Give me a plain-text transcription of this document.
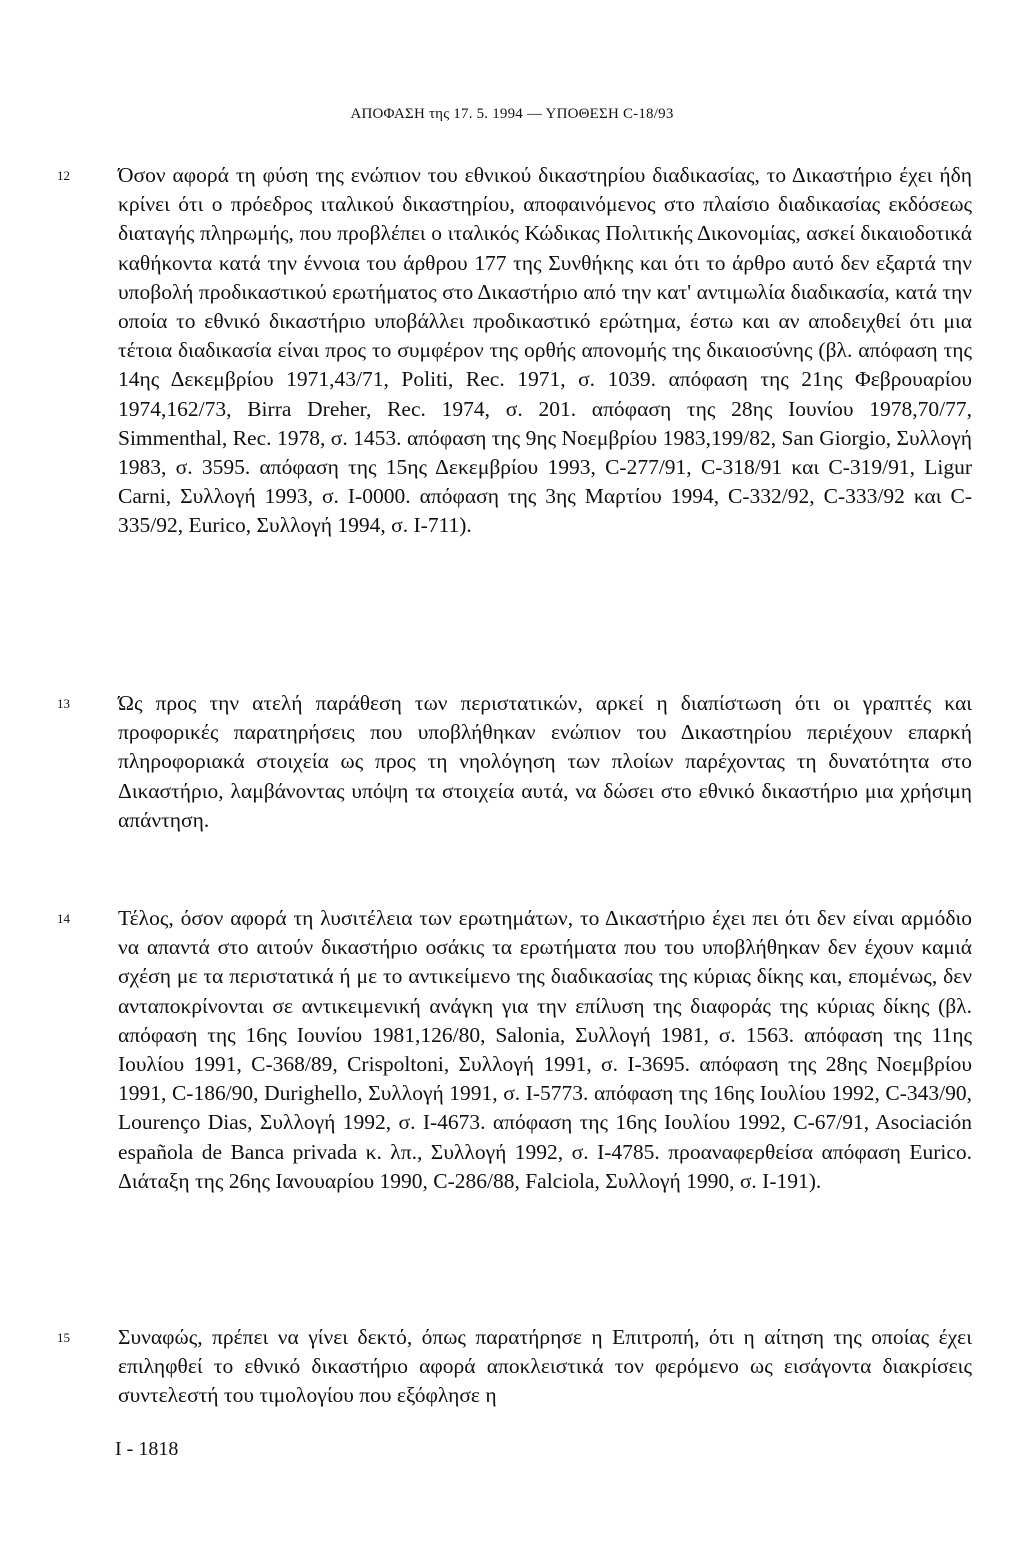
ΑΠΟΦΑΣΗ της 17. 5. 1994 — ΥΠΟΘΕΣΗ C-18/93
12 Όσον αφορά τη φύση της ενώπιον του εθνικού δικαστηρίου διαδικασίας, το Δικαστήριο έχει ήδη κρίνει ότι ο πρόεδρος ιταλικού δικαστηρίου, αποφαινόμενος στο πλαίσιο διαδικασίας εκδόσεως διαταγής πληρωμής, που προβλέπει ο ιταλικός Κώδικας Πολιτικής Δικονομίας, ασκεί δικαιοδοτικά καθήκοντα κατά την έννοια του άρθρου 177 της Συνθήκης και ότι το άρθρο αυτό δεν εξαρτά την υποβολή προδικαστικού ερωτήματος στο Δικαστήριο από την κατ' αντιμωλία διαδικασία, κατά την οποία το εθνικό δικαστήριο υποβάλλει προδικαστικό ερώτημα, έστω και αν αποδειχθεί ότι μια τέτοια διαδικασία είναι προς το συμφέρον της ορθής απονομής της δικαιοσύνης (βλ. απόφαση της 14ης Δεκεμβρίου 1971,43/71, Politi, Rec. 1971, σ. 1039. απόφαση της 21ης Φεβρουαρίου 1974,162/73, Birra Dreher, Rec. 1974, σ. 201. απόφαση της 28ης Ιουνίου 1978,70/77, Simmenthal, Rec. 1978, σ. 1453. απόφαση της 9ης Νοεμβρίου 1983,199/82, San Giorgio, Συλλογή 1983, σ. 3595. απόφαση της 15ης Δεκεμβρίου 1993, C-277/91, C-318/91 και C-319/91, Ligur Carni, Συλλογή 1993, σ. I-0000. απόφαση της 3ης Μαρτίου 1994, C-332/92, C-333/92 και C-335/92, Eurico, Συλλογή 1994, σ. I-711).

13 Ώς προς την ατελή παράθεση των περιστατικών, αρκεί η διαπίστωση ότι οι γραπτές και προφορικές παρατηρήσεις που υποβλήθηκαν ενώπιον του Δικαστηρίου περιέχουν επαρκή πληροφοριακά στοιχεία ως προς τη νηολόγηση των πλοίων παρέχοντας τη δυνατότητα στο Δικαστήριο, λαμβάνοντας υπόψη τα στοιχεία αυτά, να δώσει στο εθνικό δικαστήριο μια χρήσιμη απάντηση.

14 Τέλος, όσον αφορά τη λυσιτέλεια των ερωτημάτων, το Δικαστήριο έχει πει ότι δεν είναι αρμόδιο να απαντά στο αιτούν δικαστήριο οσάκις τα ερωτήματα που του υποβλήθηκαν δεν έχουν καμιά σχέση με τα περιστατικά ή με το αντικείμενο της διαδικασίας της κύριας δίκης και, επομένως, δεν ανταποκρίνονται σε αντικειμενική ανάγκη για την επίλυση της διαφοράς της κύριας δίκης (βλ. απόφαση της 16ης Ιουνίου 1981,126/80, Salonia, Συλλογή 1981, σ. 1563. απόφαση της 11ης Ιουλίου 1991, C-368/89, Crispoltoni, Συλλογή 1991, σ. I-3695. απόφαση της 28ης Νοεμβρίου 1991, C-186/90, Durighello, Συλλογή 1991, σ. I-5773. απόφαση της 16ης Ιουλίου 1992, C-343/90, Lourenço Dias, Συλλογή 1992, σ. I-4673. απόφαση της 16ης Ιουλίου 1992, C-67/91, Asociación española de Banca privada κ. λπ., Συλλογή 1992, σ. I-4785. προαναφερθείσα απόφαση Eurico. Διάταξη της 26ης Ιανουαρίου 1990, C-286/88, Falciola, Συλλογή 1990, σ. I-191).

15 Συναφώς, πρέπει να γίνει δεκτό, όπως παρατήρησε η Επιτροπή, ότι η αίτηση της οποίας έχει επιληφθεί το εθνικό δικαστήριο αφορά αποκλειστικά τον φερόμενο ως εισάγοντα διακρίσεις συντελεστή του τιμολογίου που εξόφλησε η

I - 1818
